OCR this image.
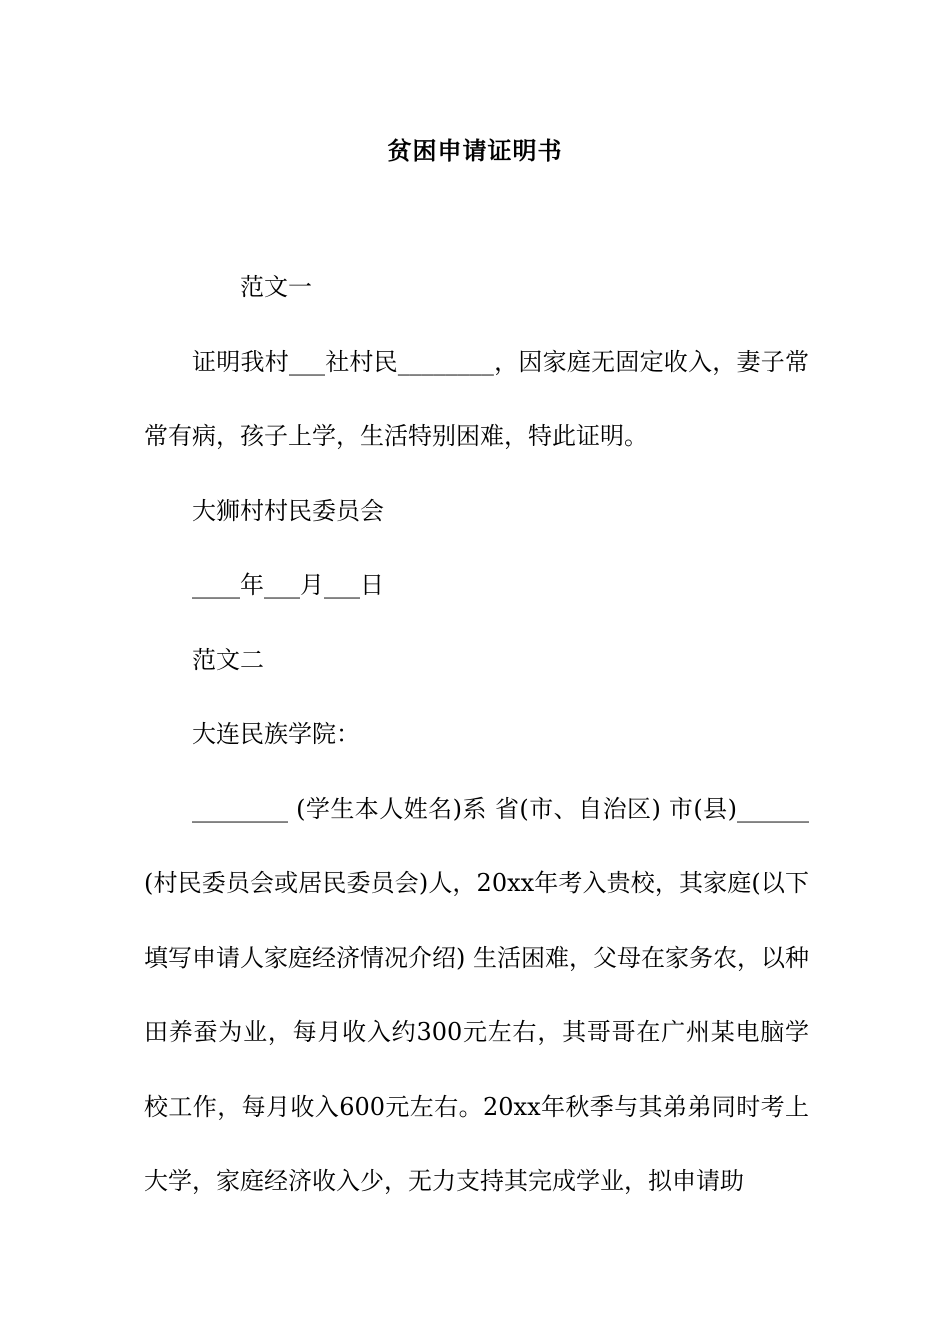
贫困申请证明书

范文一

证明我村___社村民________，因家庭无固定收入，妻子常常有病，孩子上学，生活特别困难，特此证明。

大狮村村民委员会

____年___月___日

范文二

大连民族学院：

________ (学生本人姓名)系 省(市、自治区) 市(县)______(村民委员会或居民委员会)人，20xx年考入贵校，其家庭(以下填写申请人家庭经济情况介绍) 生活困难，父母在家务农，以种田养蚕为业，每月收入约300元左右，其哥哥在广州某电脑学校工作，每月收入600元左右。20xx年秋季与其弟弟同时考上大学，家庭经济收入少，无力支持其完成学业，拟申请助
